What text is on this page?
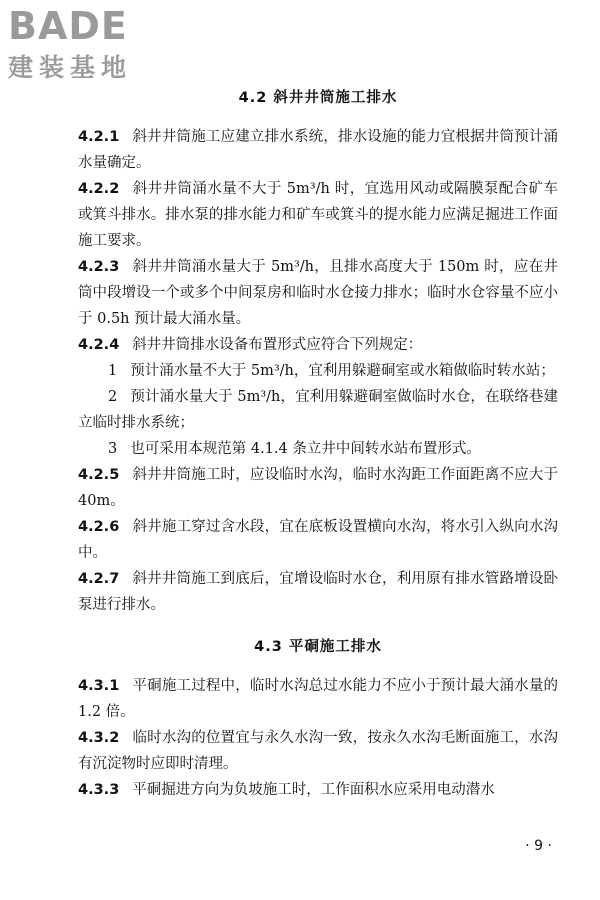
BADE
建装基地
4.2 斜井井筒施工排水

4.2.1 斜井井筒施工应建立排水系统，排水设施的能力宜根据井筒预计涌水量确定。

4.2.2 斜井井筒涌水量不大于 5m³/h 时，宜选用风动或隔膜泵配合矿车或箕斗排水。排水泵的排水能力和矿车或箕斗的提水能力应满足掘进工作面施工要求。

4.2.3 斜井井筒涌水量大于 5m³/h，且排水高度大于 150m 时，应在井筒中段增设一个或多个中间泵房和临时水仓接力排水；临时水仓容量不应小于 0.5h 预计最大涌水量。

4.2.4 斜井井筒排水设备布置形式应符合下列规定：

1 预计涌水量不大于 5m³/h，宜利用躲避硐室或水箱做临时转水站；

2 预计涌水量大于 5m³/h，宜利用躲避硐室做临时水仓，在联络巷建立临时排水系统；

3 也可采用本规范第 4.1.4 条立井中间转水站布置形式。

4.2.5 斜井井筒施工时，应设临时水沟，临时水沟距工作面距离不应大于 40m。

4.2.6 斜井施工穿过含水段，宜在底板设置横向水沟，将水引入纵向水沟中。

4.2.7 斜井井筒施工到底后，宜增设临时水仓，利用原有排水管路增设卧泵进行排水。

4.3 平硐施工排水

4.3.1 平硐施工过程中，临时水沟总过水能力不应小于预计最大涌水量的 1.2 倍。

4.3.2 临时水沟的位置宜与永久水沟一致，按永久水沟毛断面施工，水沟有沉淀物时应即时清理。

4.3.3 平硐掘进方向为负坡施工时，工作面积水应采用电动潜水

· 9 ·
